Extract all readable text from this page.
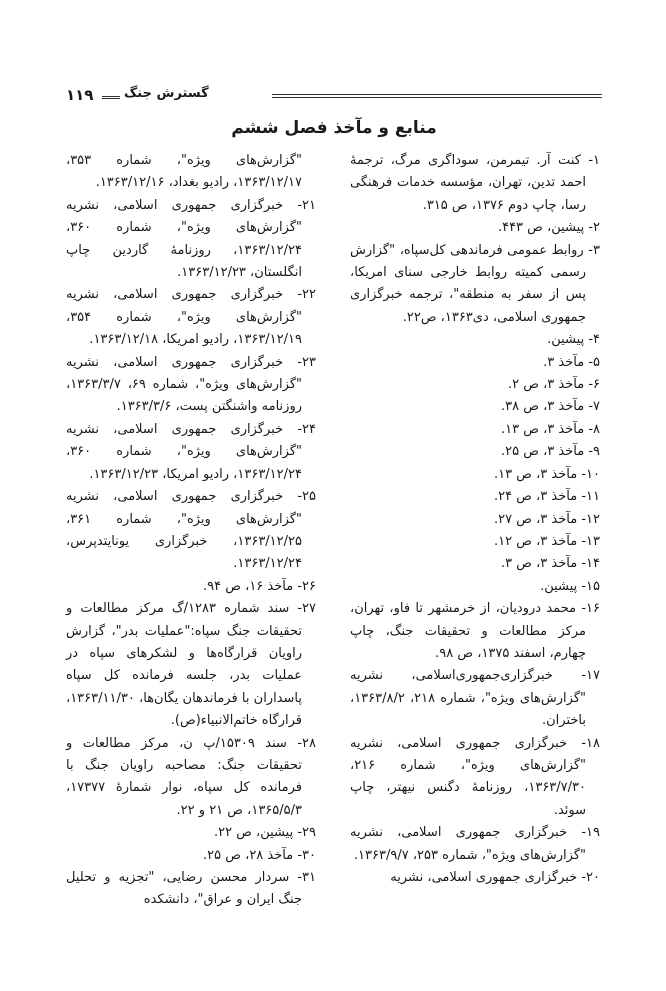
۱۱۹ گسترش جنگ
منابع و مآخذ فصل ششم

۱- کنت آر. تیمرمن، سوداگری مرگ، ترجمهٔ احمد تدین، تهران، مؤسسه خدمات فرهنگی رسا، چاپ دوم ۱۳۷۶، ص ۳۱۵.

۲- پیشین، ص ۴۴۳.

۳- روابط عمومی فرماندهی کل‌سپاه، "گزارش رسمی کمیته روابط خارجی سنای امریکا، پس از سفر به منطقه"، ترجمه خبرگزاری جمهوری اسلامی، دی۱۳۶۳، ص۲۲.

۴- پیشین.

۵- مآخذ ۳.

۶- مآخذ ۳، ص ۲.

۷- مآخذ ۳، ص ۳۸.

۸- مآخذ ۳، ص ۱۳.

۹- مآخذ ۳، ص ۲۵.

۱۰- مآخذ ۳، ص ۱۳.

۱۱- مآخذ ۳، ص ۲۴.

۱۲- مآخذ ۳، ص ۲۷.

۱۳- مآخذ ۳، ص ۱۲.

۱۴- مآخذ ۳، ص ۳.

۱۵- پیشین.

۱۶- محمد درودیان، از خرمشهر تا فاو، تهران، مرکز مطالعات و تحقیقات جنگ، چاپ چهارم، اسفند ۱۳۷۵، ص ۹۸.

۱۷- خبرگزاری‌جمهوری‌اسلامی، نشریه "گزارش‌های ویژه"، شماره ۲۱۸، ۱۳۶۳/۸/۲، باختران.

۱۸- خبرگزاری جمهوری اسلامی، نشریه "گزارش‌های ویژه"، شماره ۲۱۶، ۱۳۶۳/۷/۳۰، روزنامهٔ دگنس نیهتر، چاپ سوئد.

۱۹- خبرگزاری جمهوری اسلامی، نشریه "گزارش‌های ویژه"، شماره ۲۵۳، ۱۳۶۳/۹/۷.

۲۰- خبرگزاری جمهوری اسلامی، نشریه

"گزارش‌های ویژه"، شماره ۳۵۳، ۱۳۶۳/۱۲/۱۷، رادیو بغداد، ۱۳۶۳/۱۲/۱۶.

۲۱- خبرگزاری جمهوری اسلامی، نشریه "گزارش‌های ویژه"، شماره ۳۶۰، ۱۳۶۳/۱۲/۲۴، روزنامهٔ گاردین چاپ انگلستان، ۱۳۶۳/۱۲/۲۳.

۲۲- خبرگزاری جمهوری اسلامی، نشریه "گزارش‌های ویژه"، شماره ۳۵۴، ۱۳۶۳/۱۲/۱۹، رادیو امریکا، ۱۳۶۳/۱۲/۱۸.

۲۳- خبرگزاری جمهوری اسلامی، نشریه "گزارش‌های ویژه"، شماره ۶۹، ۱۳۶۳/۳/۷، روزنامه واشنگتن پست، ۱۳۶۳/۳/۶.

۲۴- خبرگزاری جمهوری اسلامی، نشریه "گزارش‌های ویژه"، شماره ۳۶۰، ۱۳۶۳/۱۲/۲۴، رادیو امریکا، ۱۳۶۳/۱۲/۲۳.

۲۵- خبرگزاری جمهوری اسلامی، نشریه "گزارش‌های ویژه"، شماره ۳۶۱، ۱۳۶۳/۱۲/۲۵، خبرگزاری یونایتدپرس، ۱۳۶۳/۱۲/۲۴.

۲۶- مآخذ ۱۶، ص ۹۴.

۲۷- سند شماره ۱۲۸۳/گ مرکز مطالعات و تحقیقات جنگ سپاه:"عملیات بدر"، گزارش راویان قرارگاه‌ها و لشکرهای سپاه در عملیات بدر، جلسه فرمانده کل سپاه پاسداران با فرماندهان یگان‌ها، ۱۳۶۳/۱۱/۳۰، قرارگاه خاتم‌الانبیاء(ص).

۲۸- سند ۱۵۳۰۹/پ ن، مرکز مطالعات و تحقیقات جنگ: مصاحبه راویان جنگ با فرمانده کل سپاه، نوار شمارهٔ ۱۷۳۷۷، ۱۳۶۵/۵/۳، ص ۲۱ و ۲۲.

۲۹- پیشین، ص ۲۲.

۳۰- مآخذ ۲۸، ص ۲۵.

۳۱- سردار محسن رضایی، "تجزیه و تحلیل جنگ ایران و عراق"، دانشکده
